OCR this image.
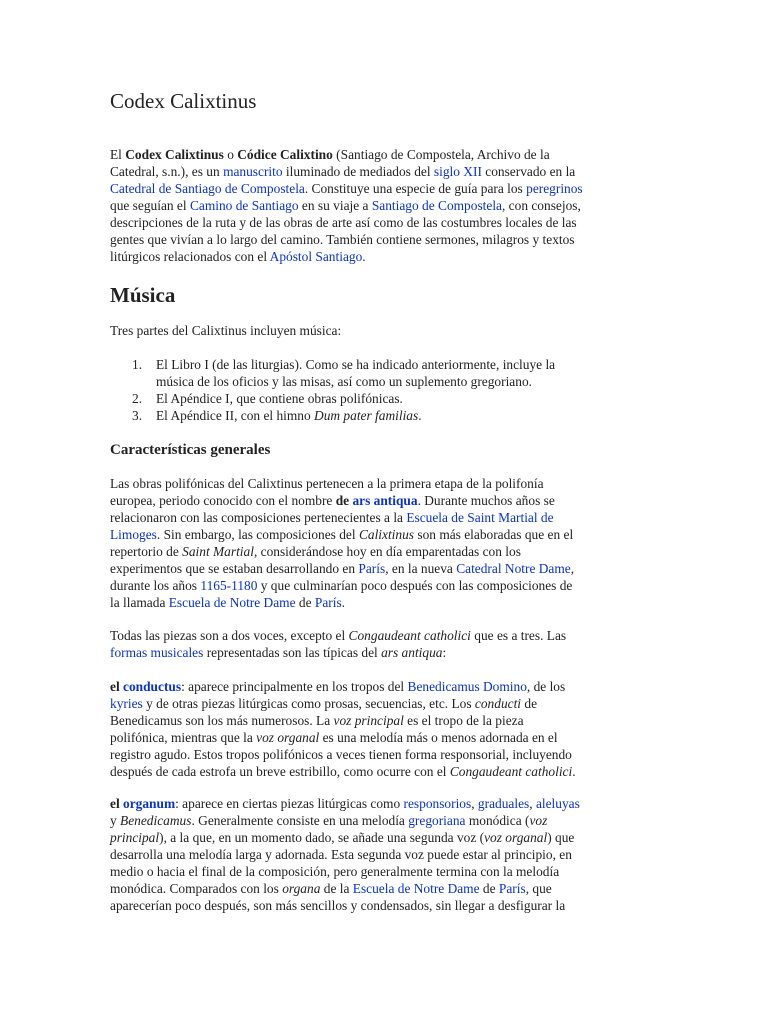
Codex Calixtinus
El Codex Calixtinus o Códice Calixtino (Santiago de Compostela, Archivo de la
Catedral, s.n.), es un manuscrito iluminado de mediados del siglo XII conservado en la
Catedral de Santiago de Compostela. Constituye una especie de guía para los peregrinos
que seguían el Camino de Santiago en su viaje a Santiago de Compostela, con consejos,
descripciones de la ruta y de las obras de arte así como de las costumbres locales de las
gentes que vivían a lo largo del camino. También contiene sermones, milagros y textos
litúrgicos relacionados con el Apóstol Santiago.
Música
Tres partes del Calixtinus incluyen música:
1. El Libro I (de las liturgias). Como se ha indicado anteriormente, incluye la
música de los oficios y las misas, así como un suplemento gregoriano.
2. El Apéndice I, que contiene obras polifónicas.
3. El Apéndice II, con el himno Dum pater familias.
Características generales
Las obras polifónicas del Calixtinus pertenecen a la primera etapa de la polifonía
europea, periodo conocido con el nombre de ars antiqua. Durante muchos años se
relacionaron con las composiciones pertenecientes a la Escuela de Saint Martial de
Limoges. Sin embargo, las composiciones del Calixtinus son más elaboradas que en el
repertorio de Saint Martial, considerándose hoy en día emparentadas con los
experimentos que se estaban desarrollando en París, en la nueva Catedral Notre Dame,
durante los años 1165-1180 y que culminarían poco después con las composiciones de
la llamada Escuela de Notre Dame de París.
Todas las piezas son a dos voces, excepto el Congaudeant catholici que es a tres. Las
formas musicales representadas son las típicas del ars antiqua:
el conductus: aparece principalmente en los tropos del Benedicamus Domino, de los
kyries y de otras piezas litúrgicas como prosas, secuencias, etc. Los conducti de
Benedicamus son los más numerosos. La voz principal es el tropo de la pieza
polifónica, mientras que la voz organal es una melodía más o menos adornada en el
registro agudo. Estos tropos polifónicos a veces tienen forma responsorial, incluyendo
después de cada estrofa un breve estribillo, como ocurre con el Congaudeant catholici.
el organum: aparece en ciertas piezas litúrgicas como responsorios, graduales, aleluyas
y Benedicamus. Generalmente consiste en una melodía gregoriana monódica (voz
principal), a la que, en un momento dado, se añade una segunda voz (voz organal) que
desarrolla una melodía larga y adornada. Esta segunda voz puede estar al principio, en
medio o hacia el final de la composición, pero generalmente termina con la melodía
monódica. Comparados con los organa de la Escuela de Notre Dame de París, que
aparecerían poco después, son más sencillos y condensados, sin llegar a desfigurar la
